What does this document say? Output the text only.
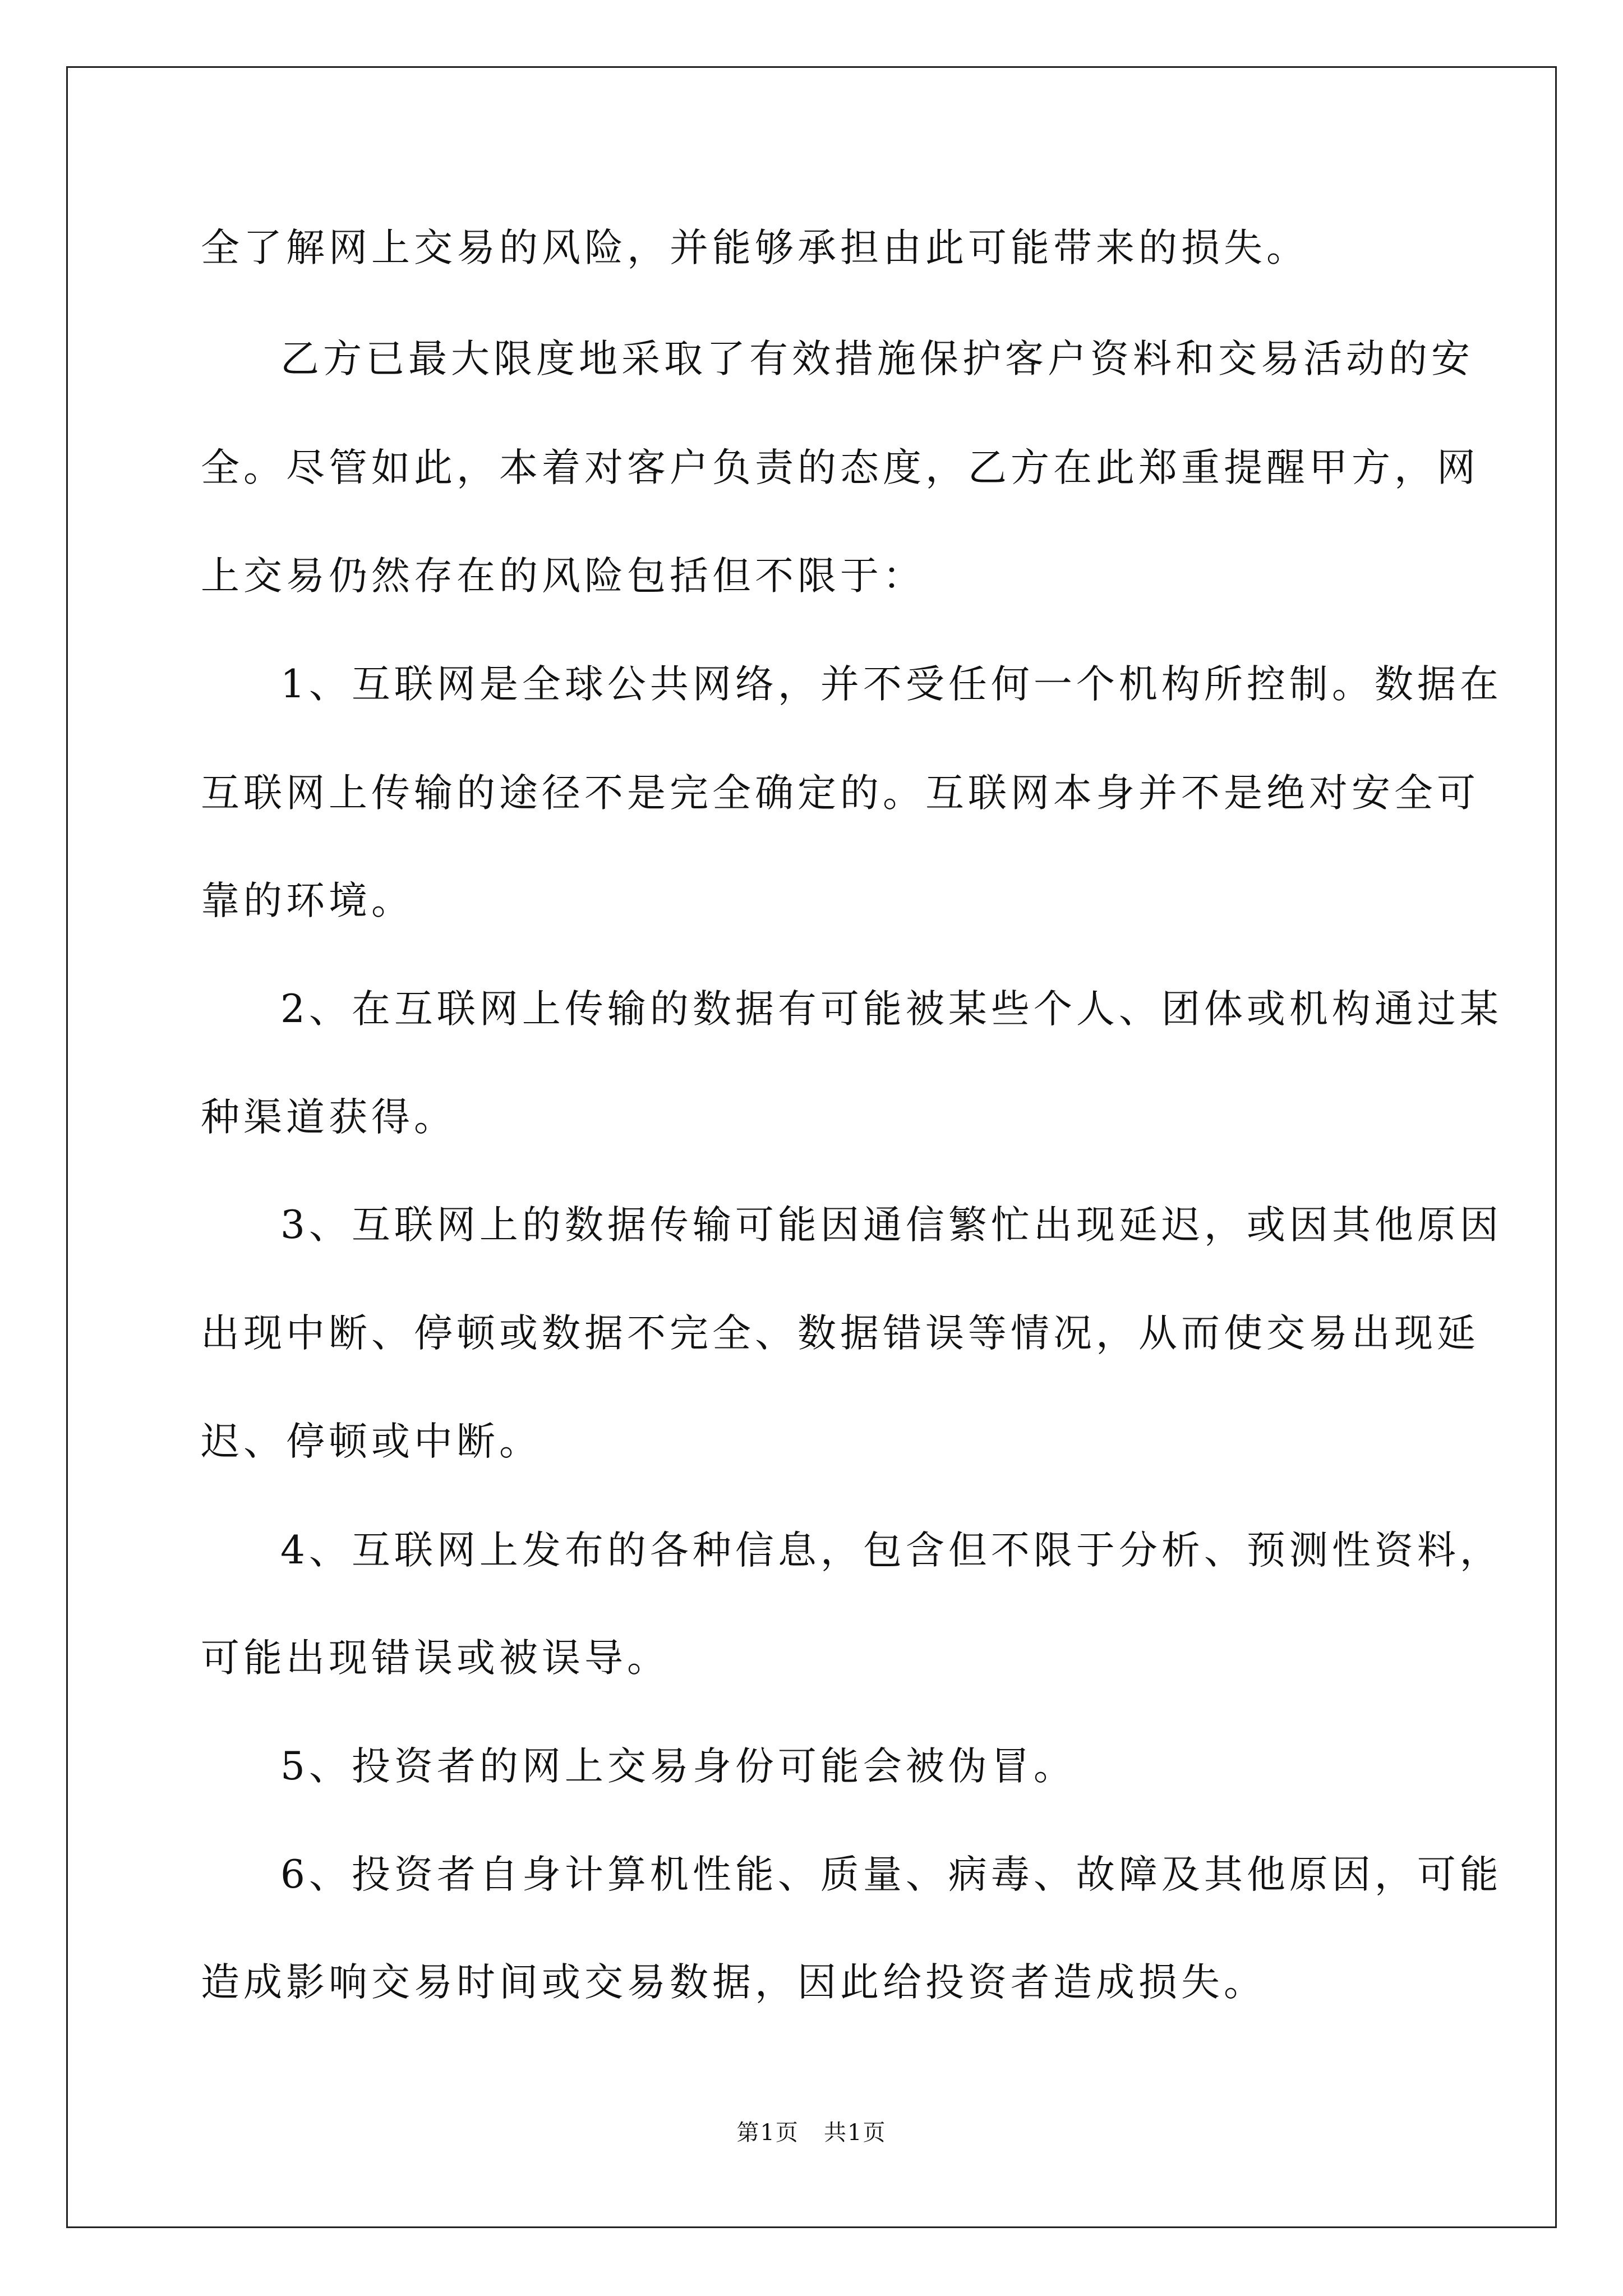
全了解网上交易的风险，并能够承担由此可能带来的损失。
乙方已最大限度地采取了有效措施保护客户资料和交易活动的安
全。尽管如此，本着对客户负责的态度，乙方在此郑重提醒甲方，网
上交易仍然存在的风险包括但不限于：
1、互联网是全球公共网络，并不受任何一个机构所控制。数据在
互联网上传输的途径不是完全确定的。互联网本身并不是绝对安全可
靠的环境。
2、在互联网上传输的数据有可能被某些个人、团体或机构通过某
种渠道获得。
3、互联网上的数据传输可能因通信繁忙出现延迟，或因其他原因
出现中断、停顿或数据不完全、数据错误等情况，从而使交易出现延
迟、停顿或中断。
4、互联网上发布的各种信息，包含但不限于分析、预测性资料，
可能出现错误或被误导。
5、投资者的网上交易身份可能会被伪冒。
6、投资者自身计算机性能、质量、病毒、故障及其他原因，可能
造成影响交易时间或交易数据，因此给投资者造成损失。
第1页   共1页
